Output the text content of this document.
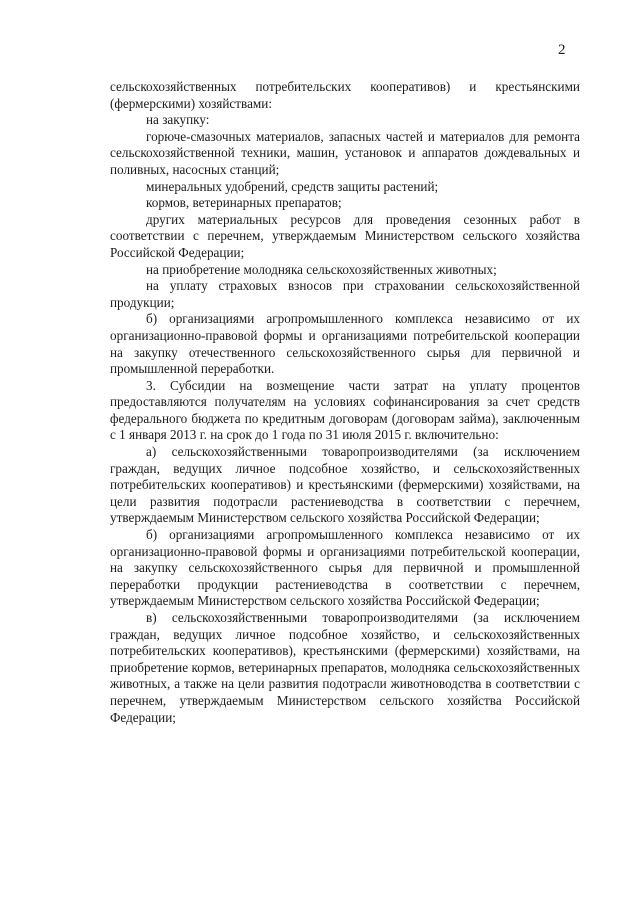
2

сельскохозяйственных потребительских кооперативов) и крестьянскими (фермерскими) хозяйствами:

на закупку:

горюче-смазочных материалов, запасных частей и материалов для ремонта сельскохозяйственной техники, машин, установок и аппаратов дождевальных и поливных, насосных станций;

минеральных удобрений, средств защиты растений;

кормов, ветеринарных препаратов;

других материальных ресурсов для проведения сезонных работ в соответствии с перечнем, утверждаемым Министерством сельского хозяйства Российской Федерации;

на приобретение молодняка сельскохозяйственных животных;

на уплату страховых взносов при страховании сельскохозяйственной продукции;

б) организациями агропромышленного комплекса независимо от их организационно-правовой формы и организациями потребительской кооперации на закупку отечественного сельскохозяйственного сырья для первичной и промышленной переработки.

3. Субсидии на возмещение части затрат на уплату процентов предоставляются получателям на условиях софинансирования за счет средств федерального бюджета по кредитным договорам (договорам займа), заключенным с 1 января 2013 г. на срок до 1 года по 31 июля 2015 г. включительно:

а) сельскохозяйственными товаропроизводителями (за исключением граждан, ведущих личное подсобное хозяйство, и сельскохозяйственных потребительских кооперативов) и крестьянскими (фермерскими) хозяйствами, на цели развития подотрасли растениеводства в соответствии с перечнем, утверждаемым Министерством сельского хозяйства Российской Федерации;

б) организациями агропромышленного комплекса независимо от их организационно-правовой формы и организациями потребительской кооперации, на закупку сельскохозяйственного сырья для первичной и промышленной переработки продукции растениеводства в соответствии с перечнем, утверждаемым Министерством сельского хозяйства Российской Федерации;

в) сельскохозяйственными товаропроизводителями (за исключением граждан, ведущих личное подсобное хозяйство, и сельскохозяйственных потребительских кооперативов), крестьянскими (фермерскими) хозяйствами, на приобретение кормов, ветеринарных препаратов, молодняка сельскохозяйственных животных, а также на цели развития подотрасли животноводства в соответствии с перечнем, утверждаемым Министерством сельского хозяйства Российской Федерации;
